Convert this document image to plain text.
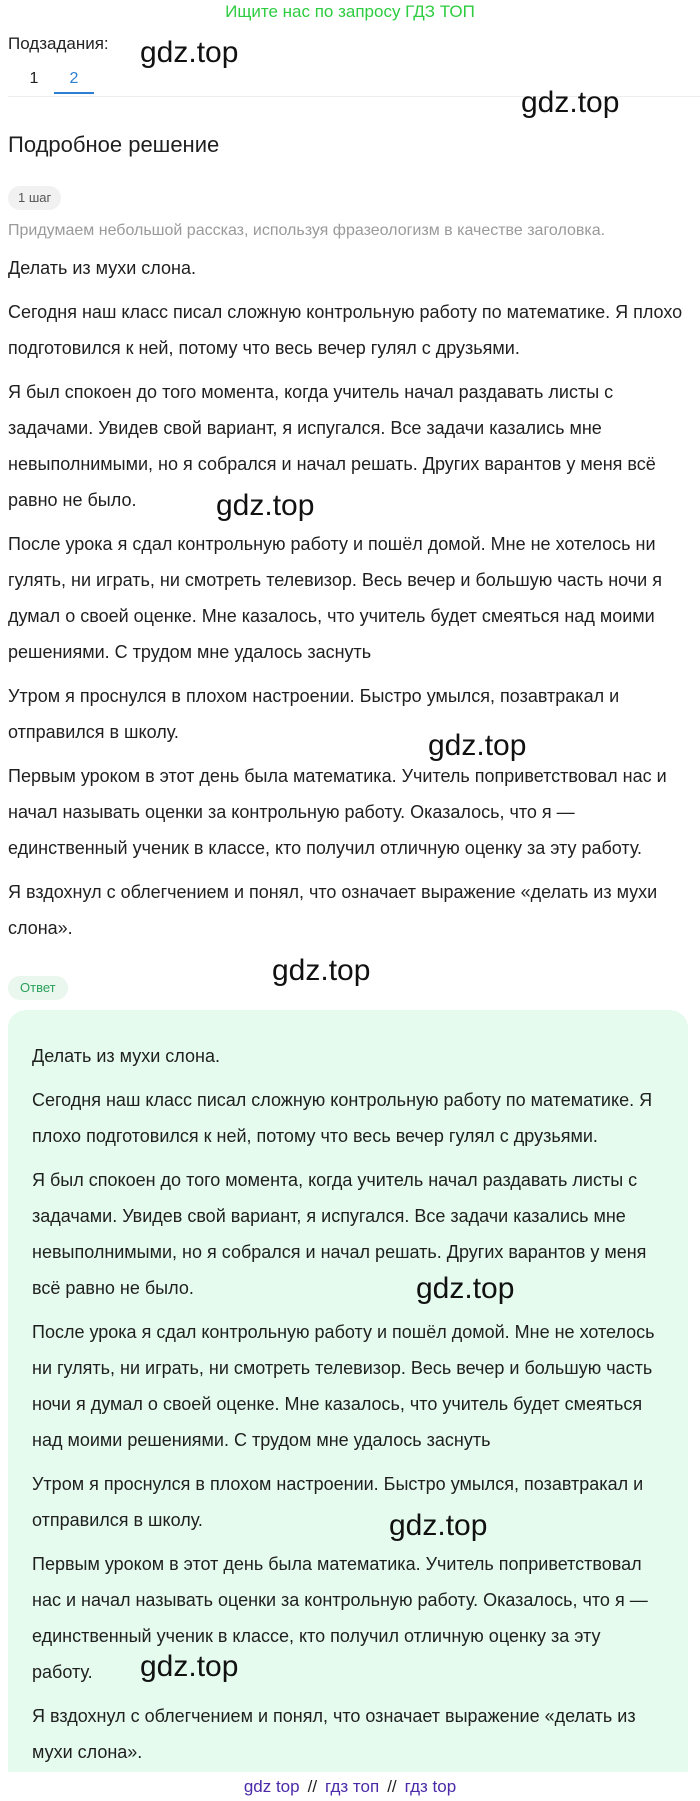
Ищите нас по запросу ГДЗ ТОП
Подзадания:
1	2
Подробное решение
1 шаг
Придумаем небольшой рассказ, используя фразеологизм в качестве заголовка.

Делать из мухи слона.

Сегодня наш класс писал сложную контрольную работу по математике. Я плохо подготовился к ней, потому что весь вечер гулял с друзьями.

Я был спокоен до того момента, когда учитель начал раздавать листы с задачами. Увидев свой вариант, я испугался. Все задачи казались мне невыполнимыми, но я собрался и начал решать. Других варантов у меня всё равно не было.

После урока я сдал контрольную работу и пошёл домой. Мне не хотелось ни гулять, ни играть, ни смотреть телевизор. Весь вечер и большую часть ночи я думал о своей оценке. Мне казалось, что учитель будет смеяться над моими решениями. С трудом мне удалось заснуть

Утром я проснулся в плохом настроении. Быстро умылся, позавтракал и отправился в школу.

Первым уроком в этот день была математика. Учитель поприветствовал нас и начал называть оценки за контрольную работу. Оказалось, что я — единственный ученик в классе, кто получил отличную оценку за эту работу.

Я вздохнул с облегчением и понял, что означает выражение «делать из мухи слона».

Ответ

Делать из мухи слона.

Сегодня наш класс писал сложную контрольную работу по математике. Я плохо подготовился к ней, потому что весь вечер гулял с друзьями.

Я был спокоен до того момента, когда учитель начал раздавать листы с задачами. Увидев свой вариант, я испугался. Все задачи казались мне невыполнимыми, но я собрался и начал решать. Других варантов у меня всё равно не было.

После урока я сдал контрольную работу и пошёл домой. Мне не хотелось ни гулять, ни играть, ни смотреть телевизор. Весь вечер и большую часть ночи я думал о своей оценке. Мне казалось, что учитель будет смеяться над моими решениями. С трудом мне удалось заснуть

Утром я проснулся в плохом настроении. Быстро умылся, позавтракал и отправился в школу.

Первым уроком в этот день была математика. Учитель поприветствовал нас и начал называть оценки за контрольную работу. Оказалось, что я — единственный ученик в классе, кто получил отличную оценку за эту работу.

Я вздохнул с облегчением и понял, что означает выражение «делать из мухи слона».

gdz.top
gdz.top
gdz.top
gdz.top
gdz.top
gdz.top
gdz.top
gdz.top
gdz top // гдз топ // гдз top
